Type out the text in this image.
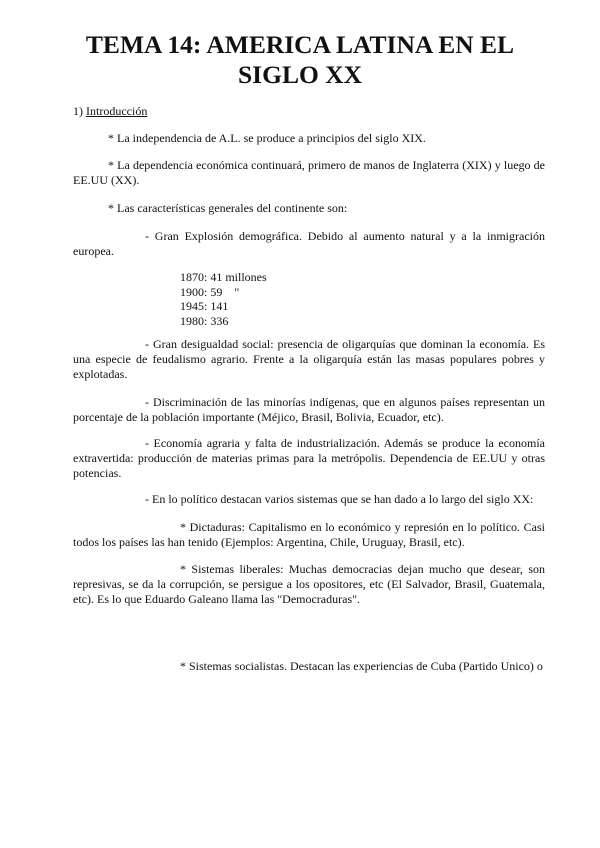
TEMA 14: AMERICA LATINA EN EL
SIGLO XX

1) Introducción

* La independencia de A.L. se produce a principios del siglo XIX.

* La dependencia económica continuará, primero de manos de Inglaterra (XIX) y luego de EE.UU (XX).

* Las características generales del continente son:

- Gran Explosión demográfica. Debido al aumento natural y a la inmigración europea.

1870: 41 millones
1900: 59    "
1945: 141
1980: 336

- Gran desigualdad social: presencia de oligarquías que dominan la economía. Es una especie de feudalismo agrario. Frente a la oligarquía están las masas populares pobres y explotadas.

- Discriminación de las minorías indígenas, que en algunos países representan un porcentaje de la población importante (Méjico, Brasil, Bolivia, Ecuador, etc).

- Economía agraria y falta de industrialización. Además se produce la economía extravertida: producción de materias primas para la metrópolis. Dependencia de EE.UU y otras potencias.

- En lo político destacan varios sistemas que se han dado a lo largo del siglo XX:

* Dictaduras: Capitalismo en lo económico y represión en lo político. Casi todos los países las han tenido (Ejemplos: Argentina, Chile, Uruguay, Brasil, etc).

* Sistemas liberales: Muchas democracias dejan mucho que desear, son represivas, se da la corrupción, se persigue a los opositores, etc (El Salvador, Brasil, Guatemala, etc). Es lo que Eduardo Galeano llama las "Democraduras".

* Sistemas socialistas. Destacan las experiencias de Cuba (Partido Unico) o
